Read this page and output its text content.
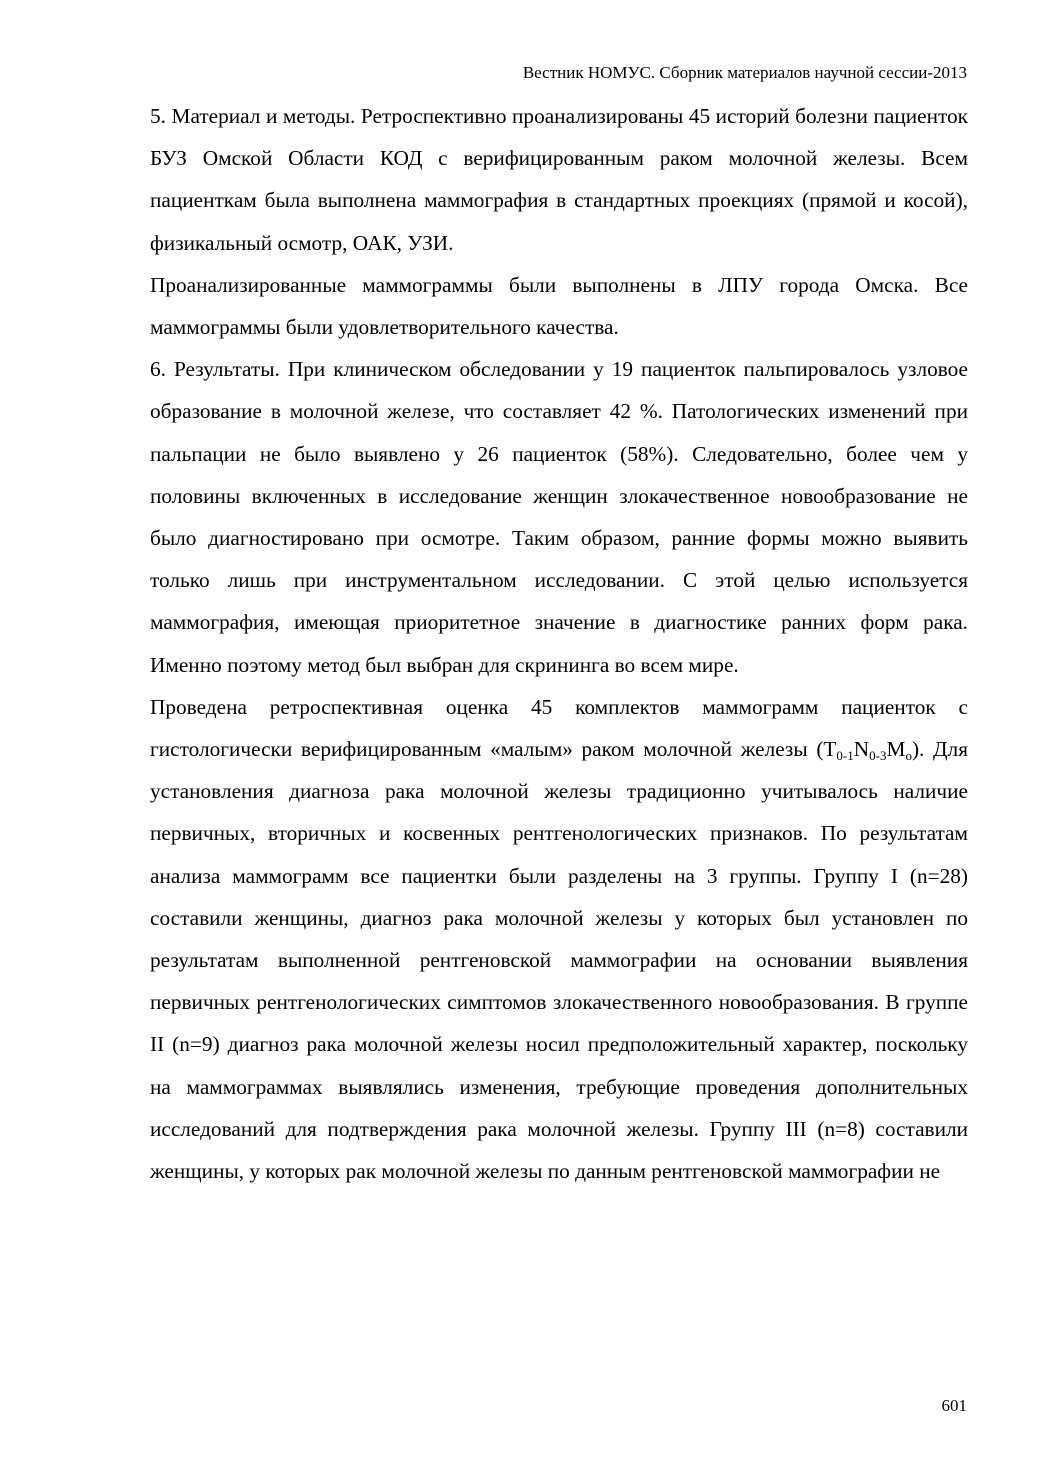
Вестник НОМУС. Сборник материалов научной сессии-2013

5. Материал и методы. Ретроспективно проанализированы 45 историй болезни пациенток БУЗ Омской Области КОД с верифицированным раком молочной железы. Всем пациенткам была выполнена маммография в стандартных проекциях (прямой и косой), физикальный осмотр, ОАК, УЗИ.

Проанализированные маммограммы были выполнены в ЛПУ города Омска. Все маммограммы были удовлетворительного качества.

6. Результаты. При клиническом обследовании у 19 пациенток пальпировалось узловое образование в молочной железе, что составляет 42 %. Патологических изменений при пальпации не было выявлено у 26 пациенток (58%). Следовательно, более чем у половины включенных в исследование женщин злокачественное новообразование не было диагностировано при осмотре. Таким образом, ранние формы можно выявить только лишь при инструментальном исследовании. С этой целью используется маммография, имеющая приоритетное значение в диагностике ранних форм рака. Именно поэтому метод был выбран для скрининга во всем мире.

Проведена ретроспективная оценка 45 комплектов маммограмм пациенток с гистологически верифицированным «малым» раком молочной железы $(T_{0-1}N_{0-3}M_o)$. Для установления диагноза рака молочной железы традиционно учитывалось наличие первичных, вторичных и косвенных рентгенологических признаков. По результатам анализа маммограмм все пациентки были разделены на 3 группы. Группу I (n=28) составили женщины, диагноз рака молочной железы у которых был установлен по результатам выполненной рентгеновской маммографии на основании выявления первичных рентгенологических симптомов злокачественного новообразования. В группе II (n=9) диагноз рака молочной железы носил предположительный характер, поскольку на маммограммах выявлялись изменения, требующие проведения дополнительных исследований для подтверждения рака молочной железы. Группу III (n=8) составили женщины, у которых рак молочной железы по данным рентгеновской маммографии не

601
